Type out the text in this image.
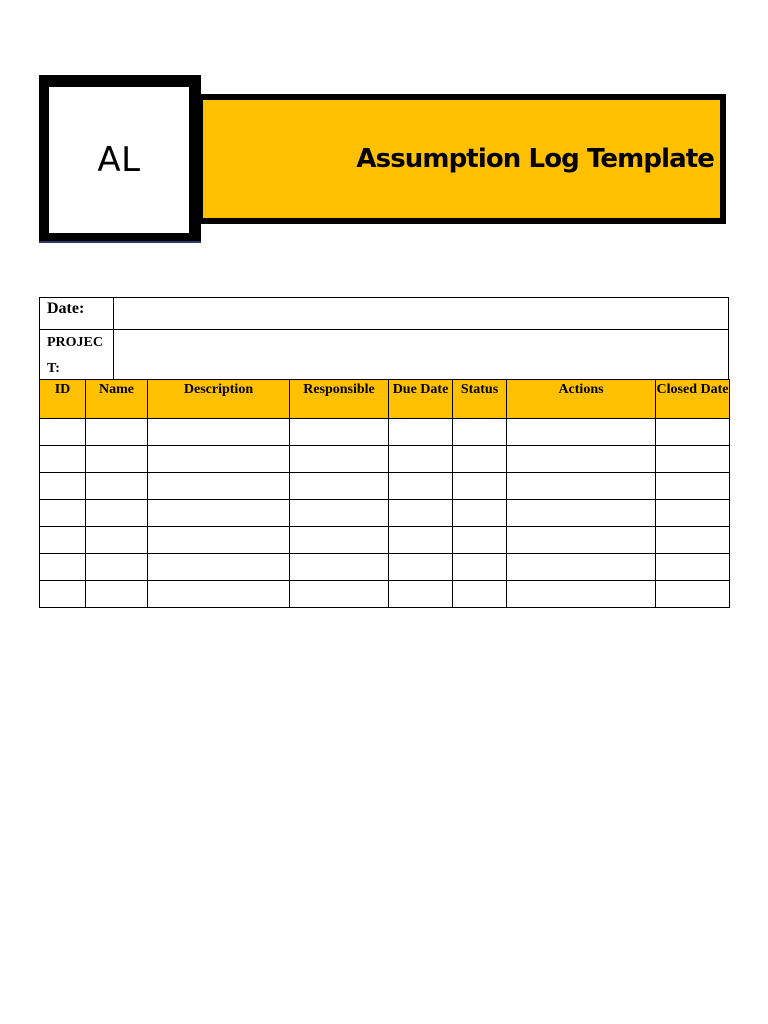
AL	Assumption Log Template
Date:	
PROJECT:	
ID	Name	Description	Responsible	Due Date	Status	Actions	Closed Date
